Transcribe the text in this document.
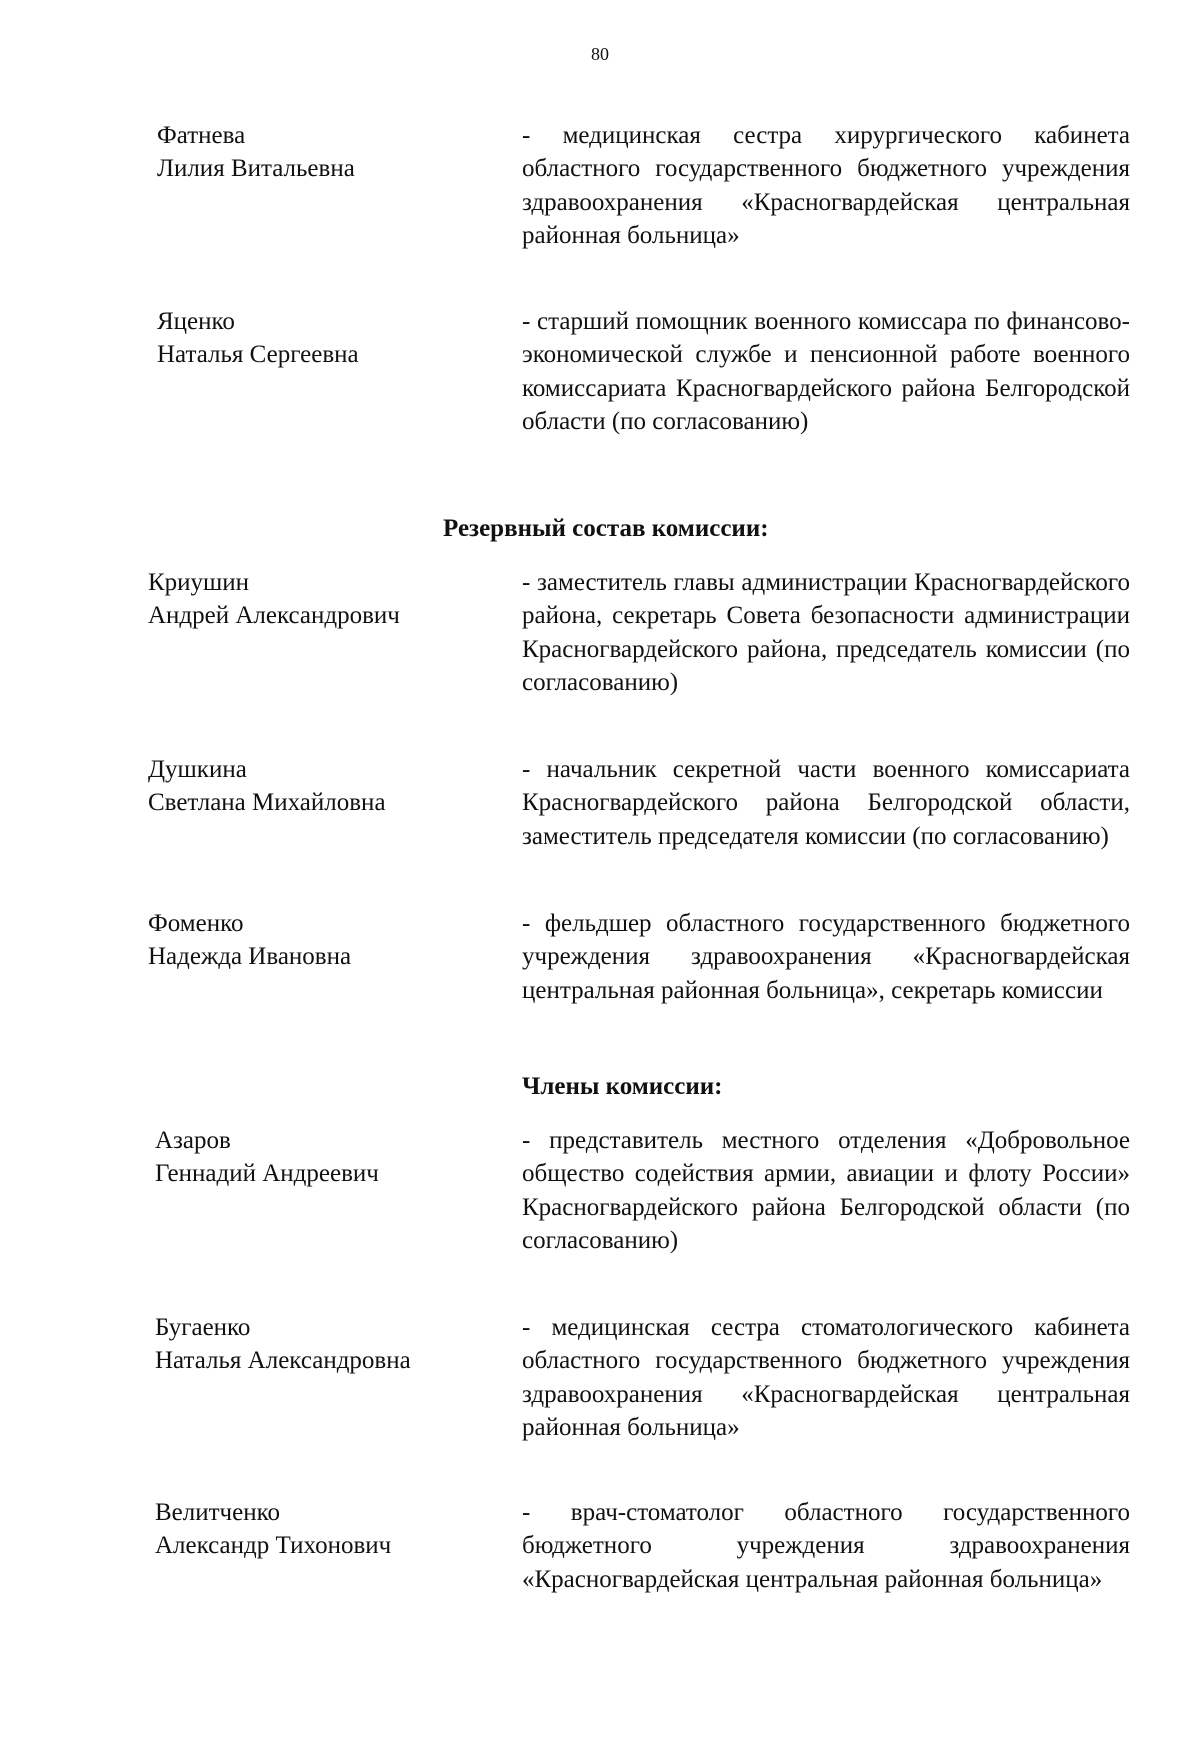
80
Фатнева
Лилия Витальевна
- медицинская сестра хирургического кабинета областного государственного бюджетного учреждения здравоохранения «Красногвардейская центральная районная больница»
Яценко
Наталья Сергеевна
- старший помощник военного комиссара по финансово-экономической службе и пенсионной работе военного комиссариата Красногвардейского района Белгородской области (по согласованию)
Резервный состав комиссии:
Криушин
Андрей Александрович
- заместитель главы администрации Красногвардейского района, секретарь Совета безопасности администрации Красногвардейского района, председатель комиссии (по согласованию)
Душкина
Светлана Михайловна
- начальник секретной части военного комиссариата Красногвардейского района Белгородской области, заместитель председателя комиссии (по согласованию)
Фоменко
Надежда Ивановна
- фельдшер областного государственного бюджетного учреждения здравоохранения «Красногвардейская центральная районная больница», секретарь комиссии
Члены комиссии:
Азаров
Геннадий Андреевич
- представитель местного отделения «Добровольное общество содействия армии, авиации и флоту России» Красногвардейского района Белгородской области (по согласованию)
Бугаенко
Наталья Александровна
- медицинская сестра стоматологического кабинета областного государственного бюджетного учреждения здравоохранения «Красногвардейская центральная районная больница»
Велитченко
Александр Тихонович
- врач-стоматолог областного государственного бюджетного учреждения здравоохранения «Красногвардейская центральная районная больница»
